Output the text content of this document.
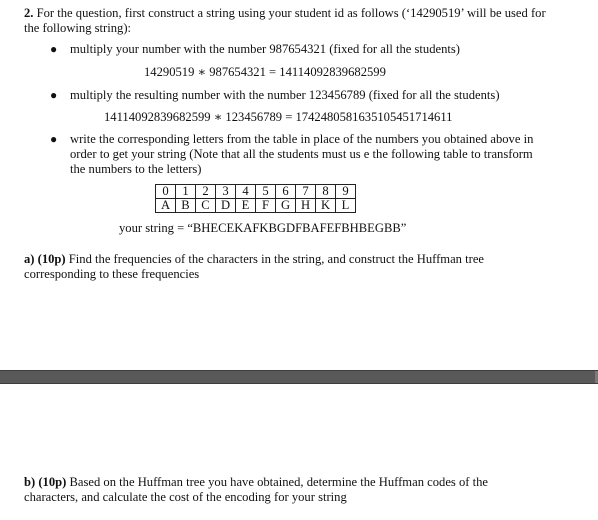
2. For the question, first construct a string using your student id as follows (‘14290519’ will be used for the following string):
● multiply your number with the number 987654321 (fixed for all the students)
14290519 ∗ 987654321 = 14114092839682599
● multiply the resulting number with the number 123456789 (fixed for all the students)
14114092839682599 ∗ 123456789 = 1742480581635105451714611
● write the corresponding letters from the table in place of the numbers you obtained above in order to get your string (Note that all the students must us e the following table to transform the numbers to the letters)
0	1	2	3	4	5	6	7	8	9
A	B	C	D	E	F	G	H	K	L
your string = “BHECEKAFKBGDFBAFEFBHBEGBB”
a) (10p) Find the frequencies of the characters in the string, and construct the Huffman tree corresponding to these frequencies
b) (10p) Based on the Huffman tree you have obtained, determine the Huffman codes of the characters, and calculate the cost of the encoding for your string
